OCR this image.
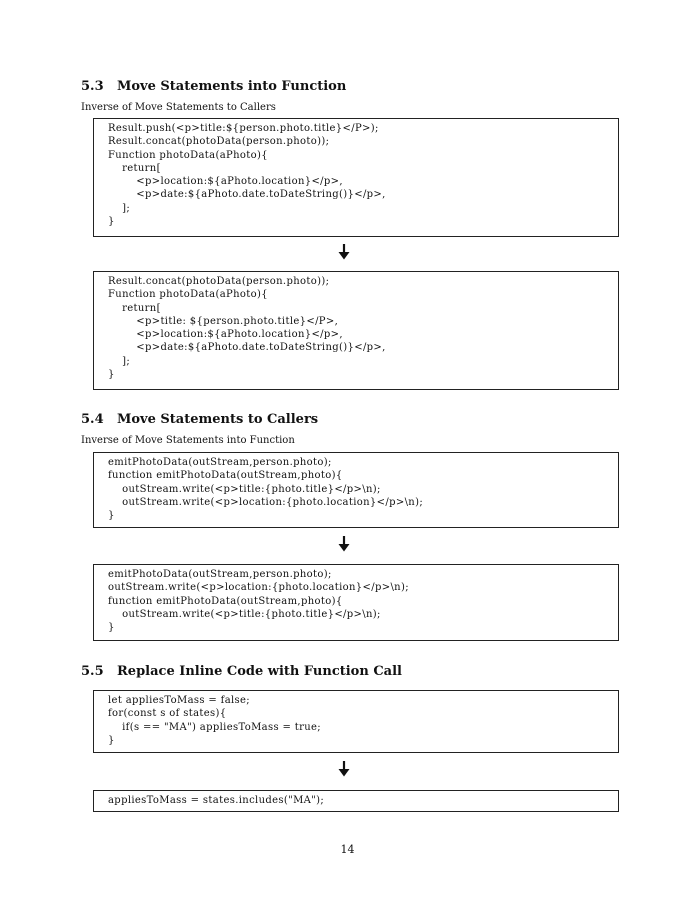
5.3 Move Statements into Function
Inverse of Move Statements to Callers
Result.push(<p>title:${person.photo.title}</P>);
Result.concat(photoData(person.photo));
Function photoData(aPhoto){
return[
<p>location:${aPhoto.location}</p>,
<p>date:${aPhoto.date.toDateString()}</p>,
];
}
Result.concat(photoData(person.photo));
Function photoData(aPhoto){
return[
<p>title: ${person.photo.title}</P>,
<p>location:${aPhoto.location}</p>,
<p>date:${aPhoto.date.toDateString()}</p>,
];
}
5.4 Move Statements to Callers
Inverse of Move Statements into Function
emitPhotoData(outStream,person.photo);
function emitPhotoData(outStream,photo){
outStream.write(<p>title:{photo.title}</p>\n);
outStream.write(<p>location:{photo.location}</p>\n);
}
emitPhotoData(outStream,person.photo);
outStream.write(<p>location:{photo.location}</p>\n);
function emitPhotoData(outStream,photo){
outStream.write(<p>title:{photo.title}</p>\n);
}
5.5 Replace Inline Code with Function Call
let appliesToMass = false;
for(const s of states){
if(s == "MA") appliesToMass = true;
}
appliesToMass = states.includes("MA");
14
